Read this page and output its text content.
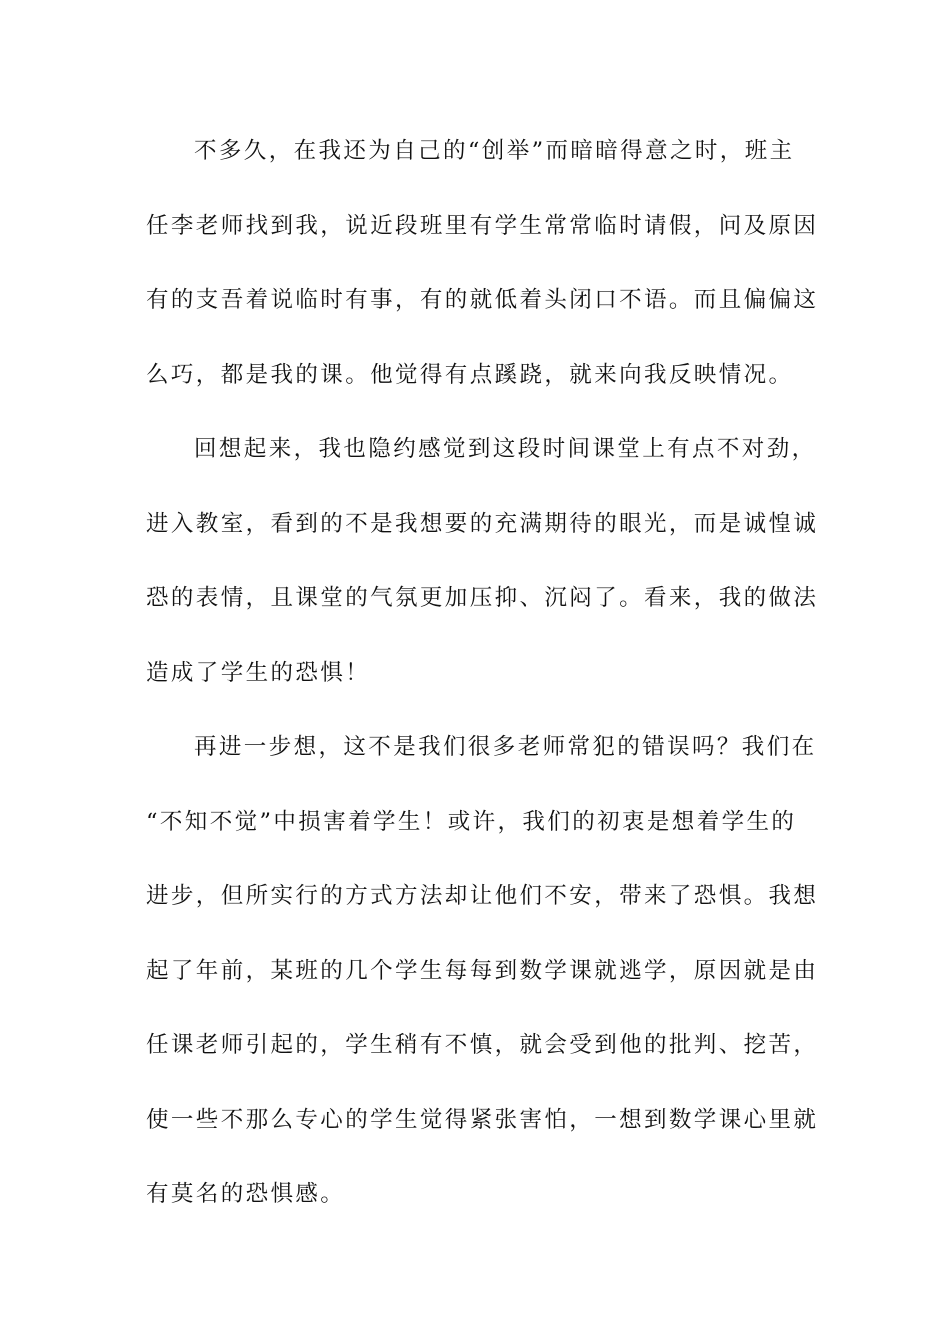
不多久，在我还为自己的“创举”而暗暗得意之时，班主
任李老师找到我，说近段班里有学生常常临时请假，问及原因
有的支吾着说临时有事，有的就低着头闭口不语。而且偏偏这
么巧，都是我的课。他觉得有点蹊跷，就来向我反映情况。

回想起来，我也隐约感觉到这段时间课堂上有点不对劲，
进入教室，看到的不是我想要的充满期待的眼光，而是诚惶诚
恐的表情，且课堂的气氛更加压抑、沉闷了。看来，我的做法
造成了学生的恐惧！

再进一步想，这不是我们很多老师常犯的错误吗？我们在
“不知不觉”中损害着学生！或许，我们的初衷是想着学生的
进步，但所实行的方式方法却让他们不安，带来了恐惧。我想
起了年前，某班的几个学生每每到数学课就逃学，原因就是由
任课老师引起的，学生稍有不慎，就会受到他的批判、挖苦，
使一些不那么专心的学生觉得紧张害怕，一想到数学课心里就
有莫名的恐惧感。
